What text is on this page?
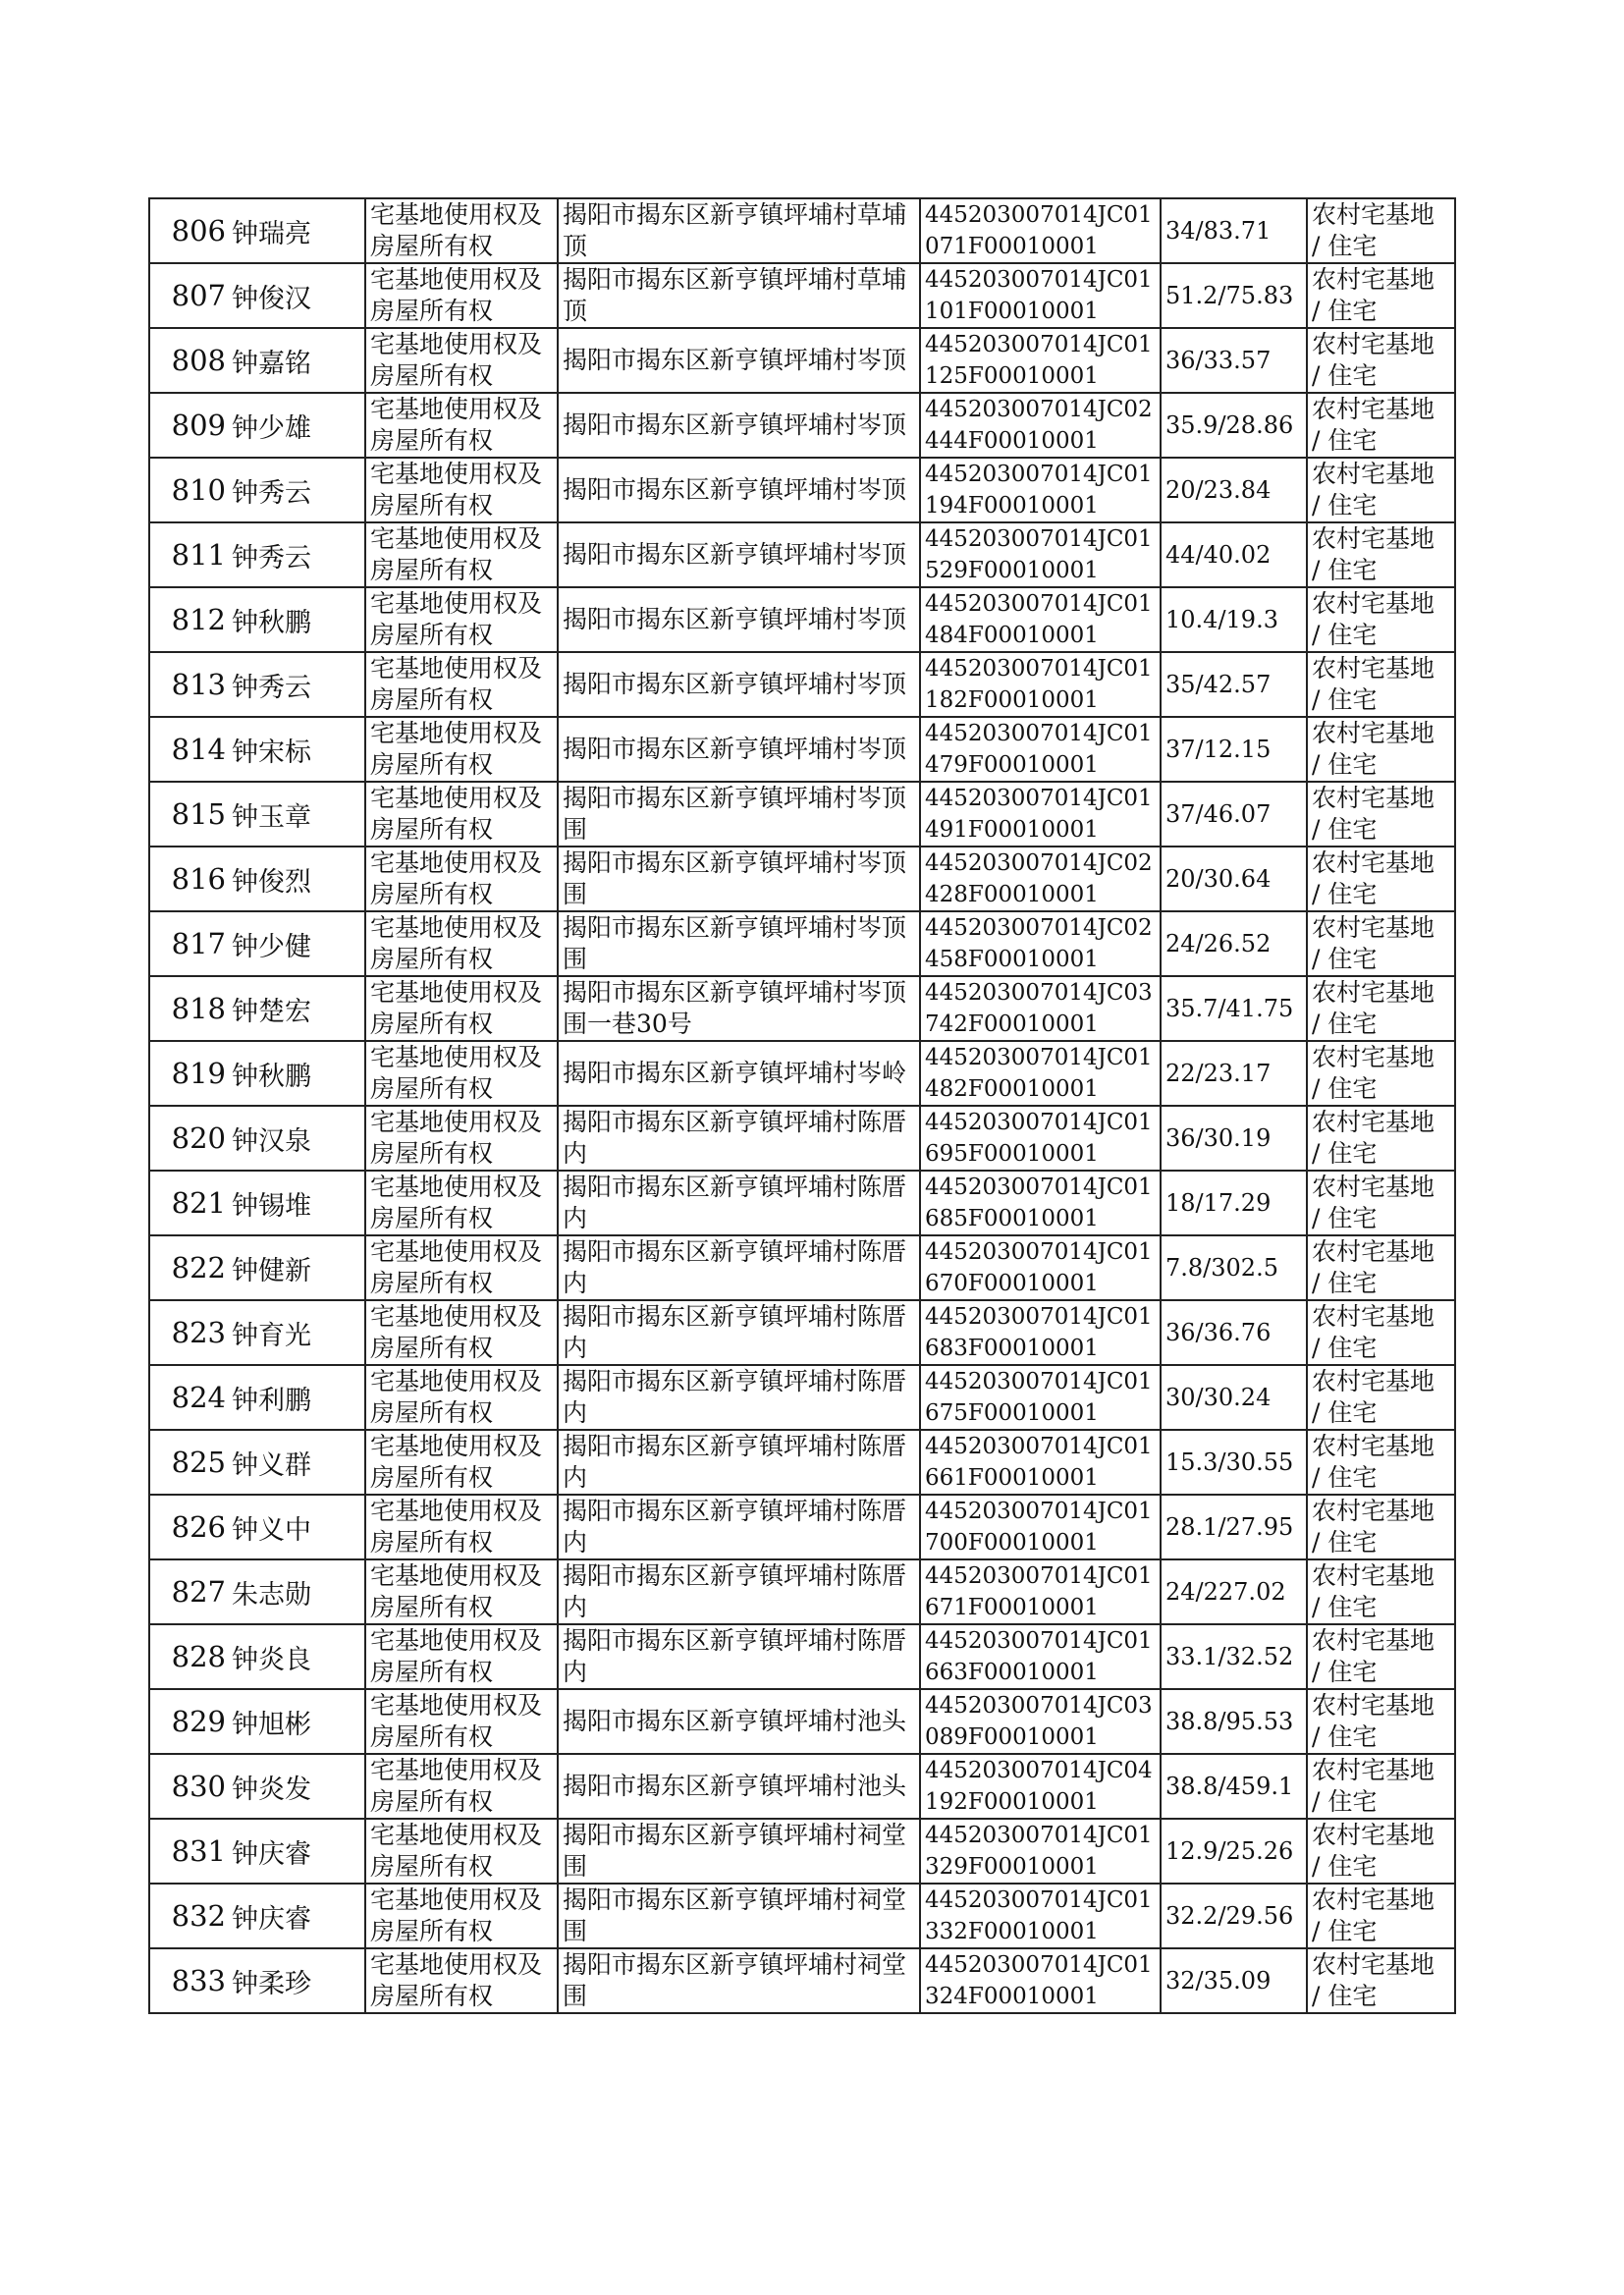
806	钟瑞亮	宅基地使用权及房屋所有权	揭阳市揭东区新亨镇坪埔村草埔顶	445203007014JC01071F00010001	34/83.71	农村宅基地 / 住宅

807	钟俊汉	宅基地使用权及房屋所有权	揭阳市揭东区新亨镇坪埔村草埔顶	445203007014JC01101F00010001	51.2/75.83	农村宅基地 / 住宅

808	钟嘉铭	宅基地使用权及房屋所有权	揭阳市揭东区新亨镇坪埔村岑顶	445203007014JC01125F00010001	36/33.57	农村宅基地 / 住宅

809	钟少雄	宅基地使用权及房屋所有权	揭阳市揭东区新亨镇坪埔村岑顶	445203007014JC02444F00010001	35.9/28.86	农村宅基地 / 住宅

810	钟秀云	宅基地使用权及房屋所有权	揭阳市揭东区新亨镇坪埔村岑顶	445203007014JC01194F00010001	20/23.84	农村宅基地 / 住宅

811	钟秀云	宅基地使用权及房屋所有权	揭阳市揭东区新亨镇坪埔村岑顶	445203007014JC01529F00010001	44/40.02	农村宅基地 / 住宅

812	钟秋鹏	宅基地使用权及房屋所有权	揭阳市揭东区新亨镇坪埔村岑顶	445203007014JC01484F00010001	10.4/19.3	农村宅基地 / 住宅

813	钟秀云	宅基地使用权及房屋所有权	揭阳市揭东区新亨镇坪埔村岑顶	445203007014JC01182F00010001	35/42.57	农村宅基地 / 住宅

814	钟宋标	宅基地使用权及房屋所有权	揭阳市揭东区新亨镇坪埔村岑顶	445203007014JC01479F00010001	37/12.15	农村宅基地 / 住宅

815	钟玉章	宅基地使用权及房屋所有权	揭阳市揭东区新亨镇坪埔村岑顶围	445203007014JC01491F00010001	37/46.07	农村宅基地 / 住宅

816	钟俊烈	宅基地使用权及房屋所有权	揭阳市揭东区新亨镇坪埔村岑顶围	445203007014JC02428F00010001	20/30.64	农村宅基地 / 住宅

817	钟少健	宅基地使用权及房屋所有权	揭阳市揭东区新亨镇坪埔村岑顶围	445203007014JC02458F00010001	24/26.52	农村宅基地 / 住宅

818	钟楚宏	宅基地使用权及房屋所有权	揭阳市揭东区新亨镇坪埔村岑顶围一巷30号	445203007014JC03742F00010001	35.7/41.75	农村宅基地 / 住宅

819	钟秋鹏	宅基地使用权及房屋所有权	揭阳市揭东区新亨镇坪埔村岑岭	445203007014JC01482F00010001	22/23.17	农村宅基地 / 住宅

820	钟汉泉	宅基地使用权及房屋所有权	揭阳市揭东区新亨镇坪埔村陈厝内	445203007014JC01695F00010001	36/30.19	农村宅基地 / 住宅

821	钟锡堆	宅基地使用权及房屋所有权	揭阳市揭东区新亨镇坪埔村陈厝内	445203007014JC01685F00010001	18/17.29	农村宅基地 / 住宅

822	钟健新	宅基地使用权及房屋所有权	揭阳市揭东区新亨镇坪埔村陈厝内	445203007014JC01670F00010001	7.8/302.5	农村宅基地 / 住宅

823	钟育光	宅基地使用权及房屋所有权	揭阳市揭东区新亨镇坪埔村陈厝内	445203007014JC01683F00010001	36/36.76	农村宅基地 / 住宅

824	钟利鹏	宅基地使用权及房屋所有权	揭阳市揭东区新亨镇坪埔村陈厝内	445203007014JC01675F00010001	30/30.24	农村宅基地 / 住宅

825	钟义群	宅基地使用权及房屋所有权	揭阳市揭东区新亨镇坪埔村陈厝内	445203007014JC01661F00010001	15.3/30.55	农村宅基地 / 住宅

826	钟义中	宅基地使用权及房屋所有权	揭阳市揭东区新亨镇坪埔村陈厝内	445203007014JC01700F00010001	28.1/27.95	农村宅基地 / 住宅

827	朱志勋	宅基地使用权及房屋所有权	揭阳市揭东区新亨镇坪埔村陈厝内	445203007014JC01671F00010001	24/227.02	农村宅基地 / 住宅

828	钟炎良	宅基地使用权及房屋所有权	揭阳市揭东区新亨镇坪埔村陈厝内	445203007014JC01663F00010001	33.1/32.52	农村宅基地 / 住宅

829	钟旭彬	宅基地使用权及房屋所有权	揭阳市揭东区新亨镇坪埔村池头	445203007014JC03089F00010001	38.8/95.53	农村宅基地 / 住宅

830	钟炎发	宅基地使用权及房屋所有权	揭阳市揭东区新亨镇坪埔村池头	445203007014JC04192F00010001	38.8/459.1	农村宅基地 / 住宅

831	钟庆睿	宅基地使用权及房屋所有权	揭阳市揭东区新亨镇坪埔村祠堂围	445203007014JC01329F00010001	12.9/25.26	农村宅基地 / 住宅

832	钟庆睿	宅基地使用权及房屋所有权	揭阳市揭东区新亨镇坪埔村祠堂围	445203007014JC01332F00010001	32.2/29.56	农村宅基地 / 住宅

833	钟柔珍	宅基地使用权及房屋所有权	揭阳市揭东区新亨镇坪埔村祠堂围	445203007014JC01324F00010001	32/35.09	农村宅基地 / 住宅
